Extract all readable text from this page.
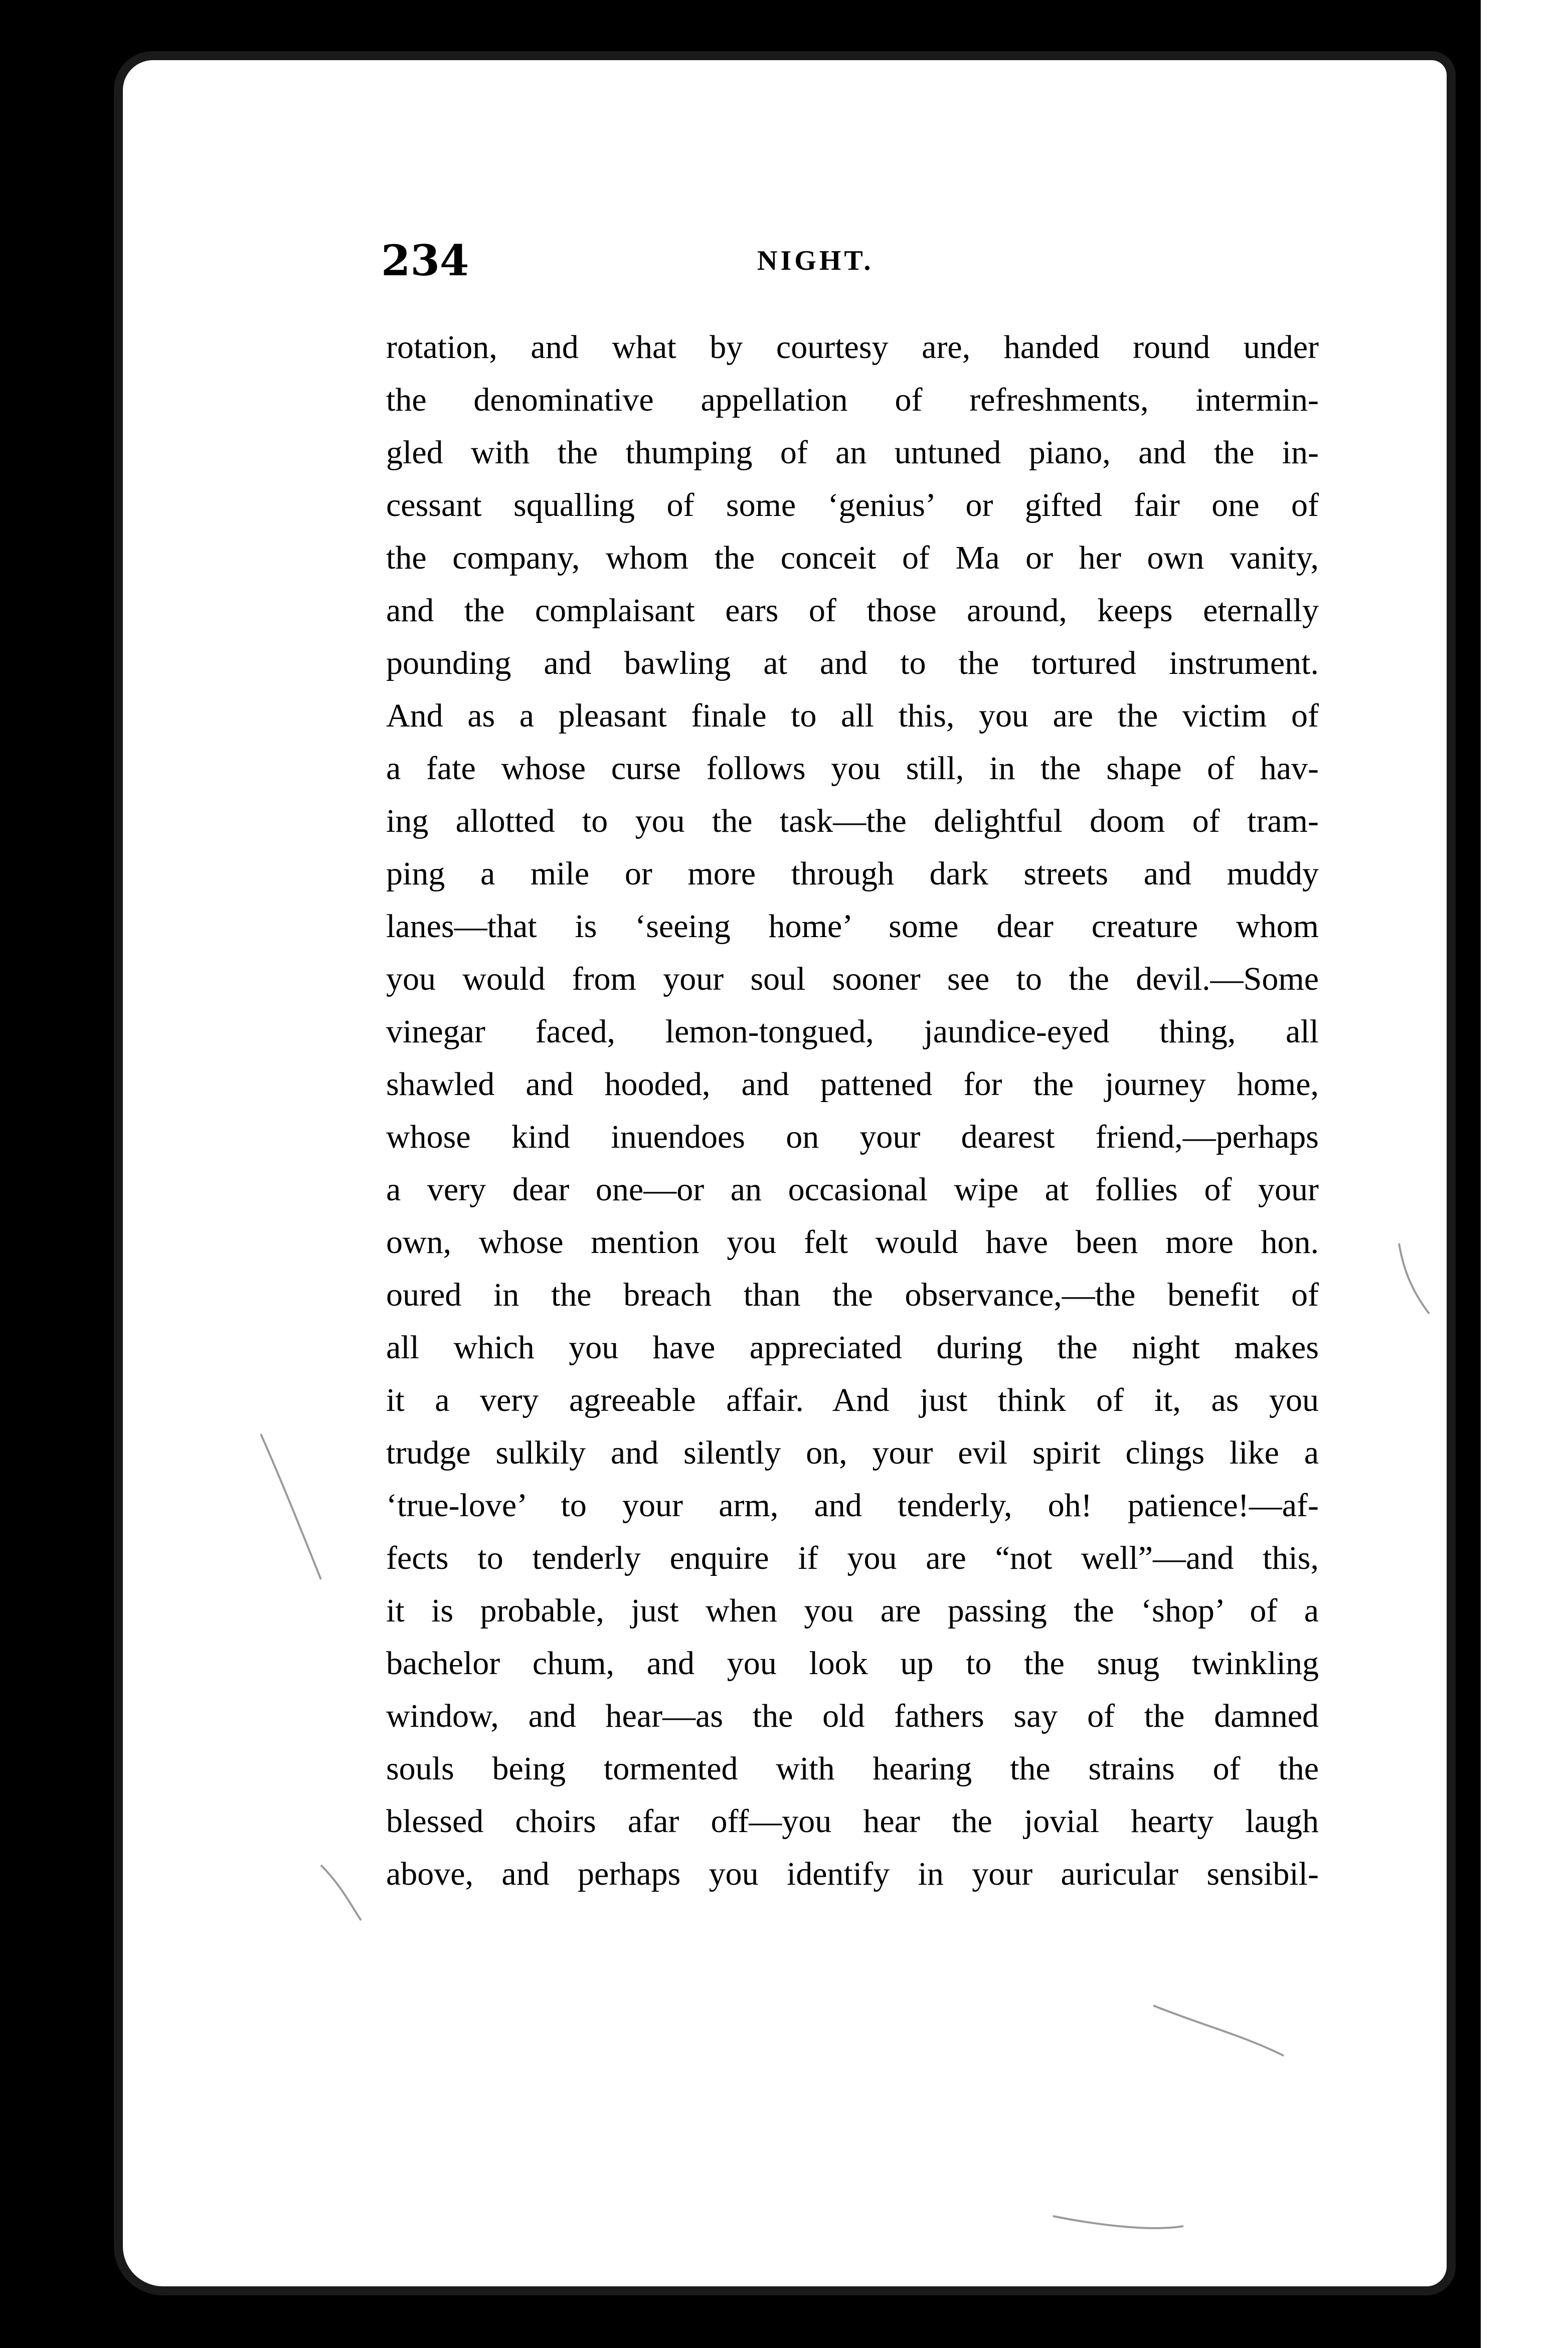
234	NIGHT.
rotation, and what by courtesy are, handed round under
the denominative appellation of refreshments, intermin-
gled with the thumping of an untuned piano, and the in-
cessant squalling of some ‘genius’ or gifted fair one of
the company, whom the conceit of Ma or her own vanity,
and the complaisant ears of those around, keeps eternally
pounding and bawling at and to the tortured instrument.
And as a pleasant finale to all this, you are the victim of
a fate whose curse follows you still, in the shape of hav-
ing allotted to you the task—the delightful doom of tram-
ping a mile or more through dark streets and muddy
lanes—that is ‘seeing home’ some dear creature whom
you would from your soul sooner see to the devil.—Some
vinegar faced, lemon-tongued, jaundice-eyed thing, all
shawled and hooded, and pattened for the journey home,
whose kind inuendoes on your dearest friend,—perhaps
a very dear one—or an occasional wipe at follies of your
own, whose mention you felt would have been more hon.
oured in the breach than the observance,—the benefit of
all which you have appreciated during the night makes
it a very agreeable affair. And just think of it, as you
trudge sulkily and silently on, your evil spirit clings like a
‘true-love’ to your arm, and tenderly, oh! patience!—af-
fects to tenderly enquire if you are “not well”—and this,
it is probable, just when you are passing the ‘shop’ of a
bachelor chum, and you look up to the snug twinkling
window, and hear—as the old fathers say of the damned
souls being tormented with hearing the strains of the
blessed choirs afar off—you hear the jovial hearty laugh
above, and perhaps you identify in your auricular sensibil-
